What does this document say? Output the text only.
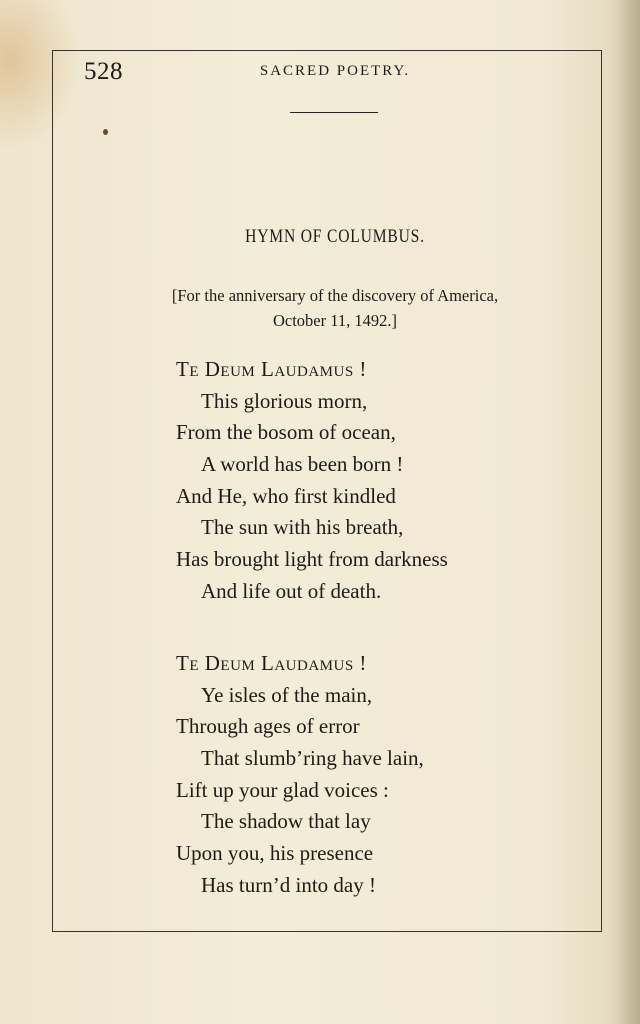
528	SACRED POETRY.
HYMN OF COLUMBUS.
[For the anniversary of the discovery of America,
October 11, 1492.]
Te Deum Laudamus !
This glorious morn,
From the bosom of ocean,
A world has been born !
And He, who first kindled
The sun with his breath,
Has brought light from darkness
And life out of death.
Te Deum Laudamus !
Ye isles of the main,
Through ages of error
That slumb’ring have lain,
Lift up your glad voices :
The shadow that lay
Upon you, his presence
Has turn’d into day !
